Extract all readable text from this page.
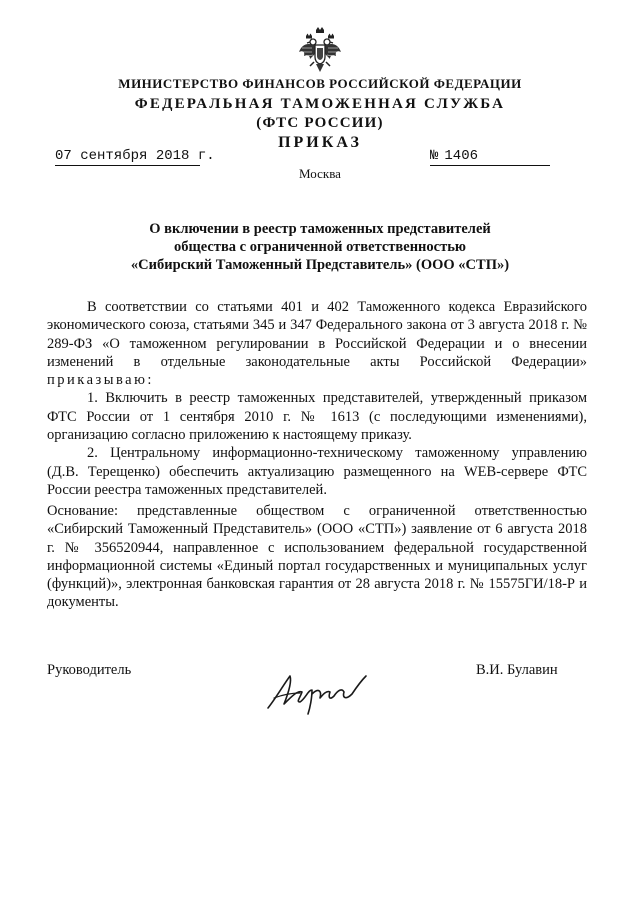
МИНИСТЕРСТВО ФИНАНСОВ РОССИЙСКОЙ ФЕДЕРАЦИИ
ФЕДЕРАЛЬНАЯ ТАМОЖЕННАЯ СЛУЖБА
(ФТС РОССИИ)
ПРИКАЗ
07 сентября 2018 г.	№ 1406
Москва
О включении в реестр таможенных представителей
общества с ограниченной ответственностью
«Сибирский Таможенный Представитель» (ООО «СТП»)

В соответствии со статьями 401 и 402 Таможенного кодекса Евразийского экономического союза, статьями 345 и 347 Федерального закона от 3 августа 2018 г. № 289-ФЗ «О таможенном регулировании в Российской Федерации и о внесении изменений в отдельные законодательные акты Российской Федерации» приказываю:

1. Включить в реестр таможенных представителей, утвержденный приказом ФТС России от 1 сентября 2010 г. № 1613 (с последующими изменениями), организацию согласно приложению к настоящему приказу.

2. Центральному информационно-техническому таможенному управлению (Д.В. Терещенко) обеспечить актуализацию размещенного на WEB-сервере ФТС России реестра таможенных представителей.

Основание: представленные обществом с ограниченной ответственностью «Сибирский Таможенный Представитель» (ООО «СТП») заявление от 6 августа 2018 г. № 356520944, направленное с использованием федеральной государственной информационной системы «Единый портал государственных и муниципальных услуг (функций)», электронная банковская гарантия от 28 августа 2018 г. № 15575ГИ/18-Р и документы.

Руководитель	В.И. Булавин
